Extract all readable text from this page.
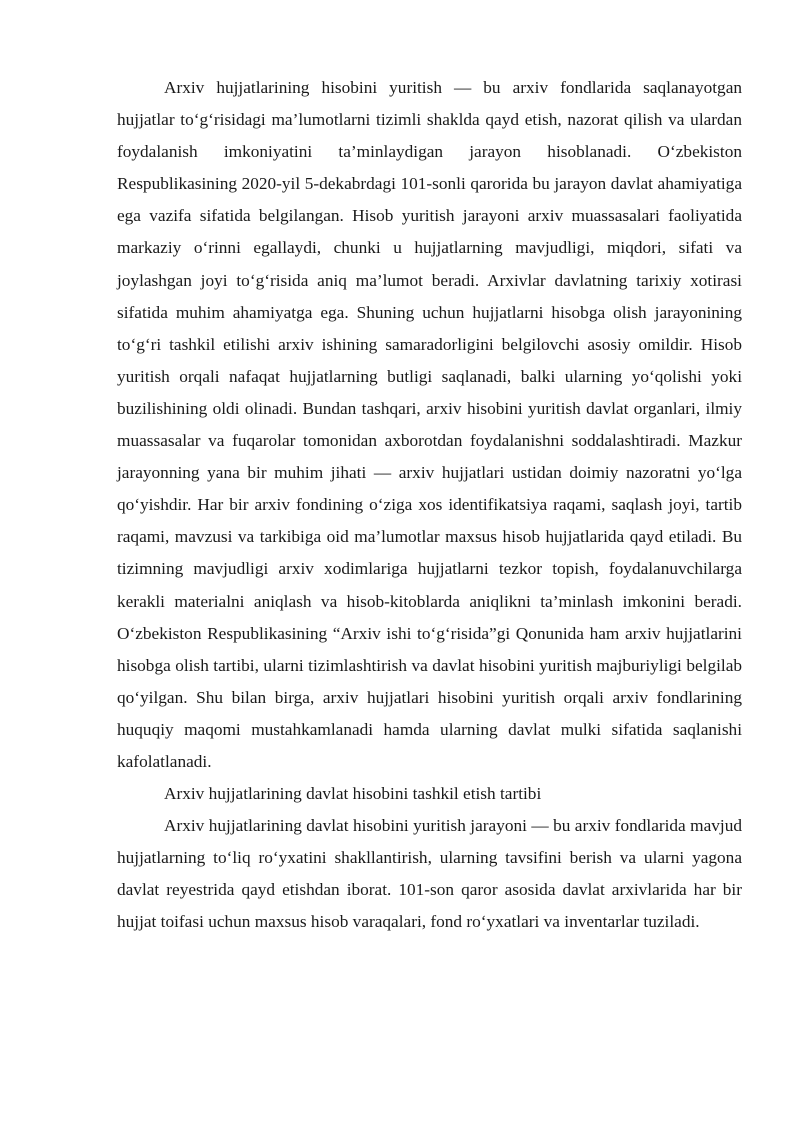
Arxiv hujjatlarining hisobini yuritish — bu arxiv fondlarida saqlanayotgan hujjatlar to‘g‘risidagi ma’lumotlarni tizimli shaklda qayd etish, nazorat qilish va ulardan foydalanish imkoniyatini ta’minlaydigan jarayon hisoblanadi. O‘zbekiston Respublikasining 2020-yil 5-dekabrdagi 101-sonli qarorida bu jarayon davlat ahamiyatiga ega vazifa sifatida belgilangan. Hisob yuritish jarayoni arxiv muassasalari faoliyatida markaziy o‘rinni egallaydi, chunki u hujjatlarning mavjudligi, miqdori, sifati va joylashgan joyi to‘g‘risida aniq ma’lumot beradi. Arxivlar davlatning tarixiy xotirasi sifatida muhim ahamiyatga ega. Shuning uchun hujjatlarni hisobga olish jarayonining to‘g‘ri tashkil etilishi arxiv ishining samaradorligini belgilovchi asosiy omildir. Hisob yuritish orqali nafaqat hujjatlarning butligi saqlanadi, balki ularning yo‘qolishi yoki buzilishining oldi olinadi. Bundan tashqari, arxiv hisobini yuritish davlat organlari, ilmiy muassasalar va fuqarolar tomonidan axborotdan foydalanishni soddalashtiradi. Mazkur jarayonning yana bir muhim jihati — arxiv hujjatlari ustidan doimiy nazoratni yo‘lga qo‘yishdir. Har bir arxiv fondining o‘ziga xos identifikatsiya raqami, saqlash joyi, tartib raqami, mavzusi va tarkibiga oid ma’lumotlar maxsus hisob hujjatlarida qayd etiladi. Bu tizimning mavjudligi arxiv xodimlariga hujjatlarni tezkor topish, foydalanuvchilarga kerakli materialni aniqlash va hisob-kitoblarda aniqlikni ta’minlash imkonini beradi. O‘zbekiston Respublikasining “Arxiv ishi to‘g‘risida”gi Qonunida ham arxiv hujjatlarini hisobga olish tartibi, ularni tizimlashtirish va davlat hisobini yuritish majburiyligi belgilab qo‘yilgan. Shu bilan birga, arxiv hujjatlari hisobini yuritish orqali arxiv fondlarining huquqiy maqomi mustahkamlanadi hamda ularning davlat mulki sifatida saqlanishi kafolatlanadi.

Arxiv hujjatlarining davlat hisobini tashkil etish tartibi

Arxiv hujjatlarining davlat hisobini yuritish jarayoni — bu arxiv fondlarida mavjud hujjatlarning to‘liq ro‘yxatini shakllantirish, ularning tavsifini berish va ularni yagona davlat reyestrida qayd etishdan iborat. 101-son qaror asosida davlat arxivlarida har bir hujjat toifasi uchun maxsus hisob varaqalari, fond ro‘yxatlari va inventarlar tuziladi.
